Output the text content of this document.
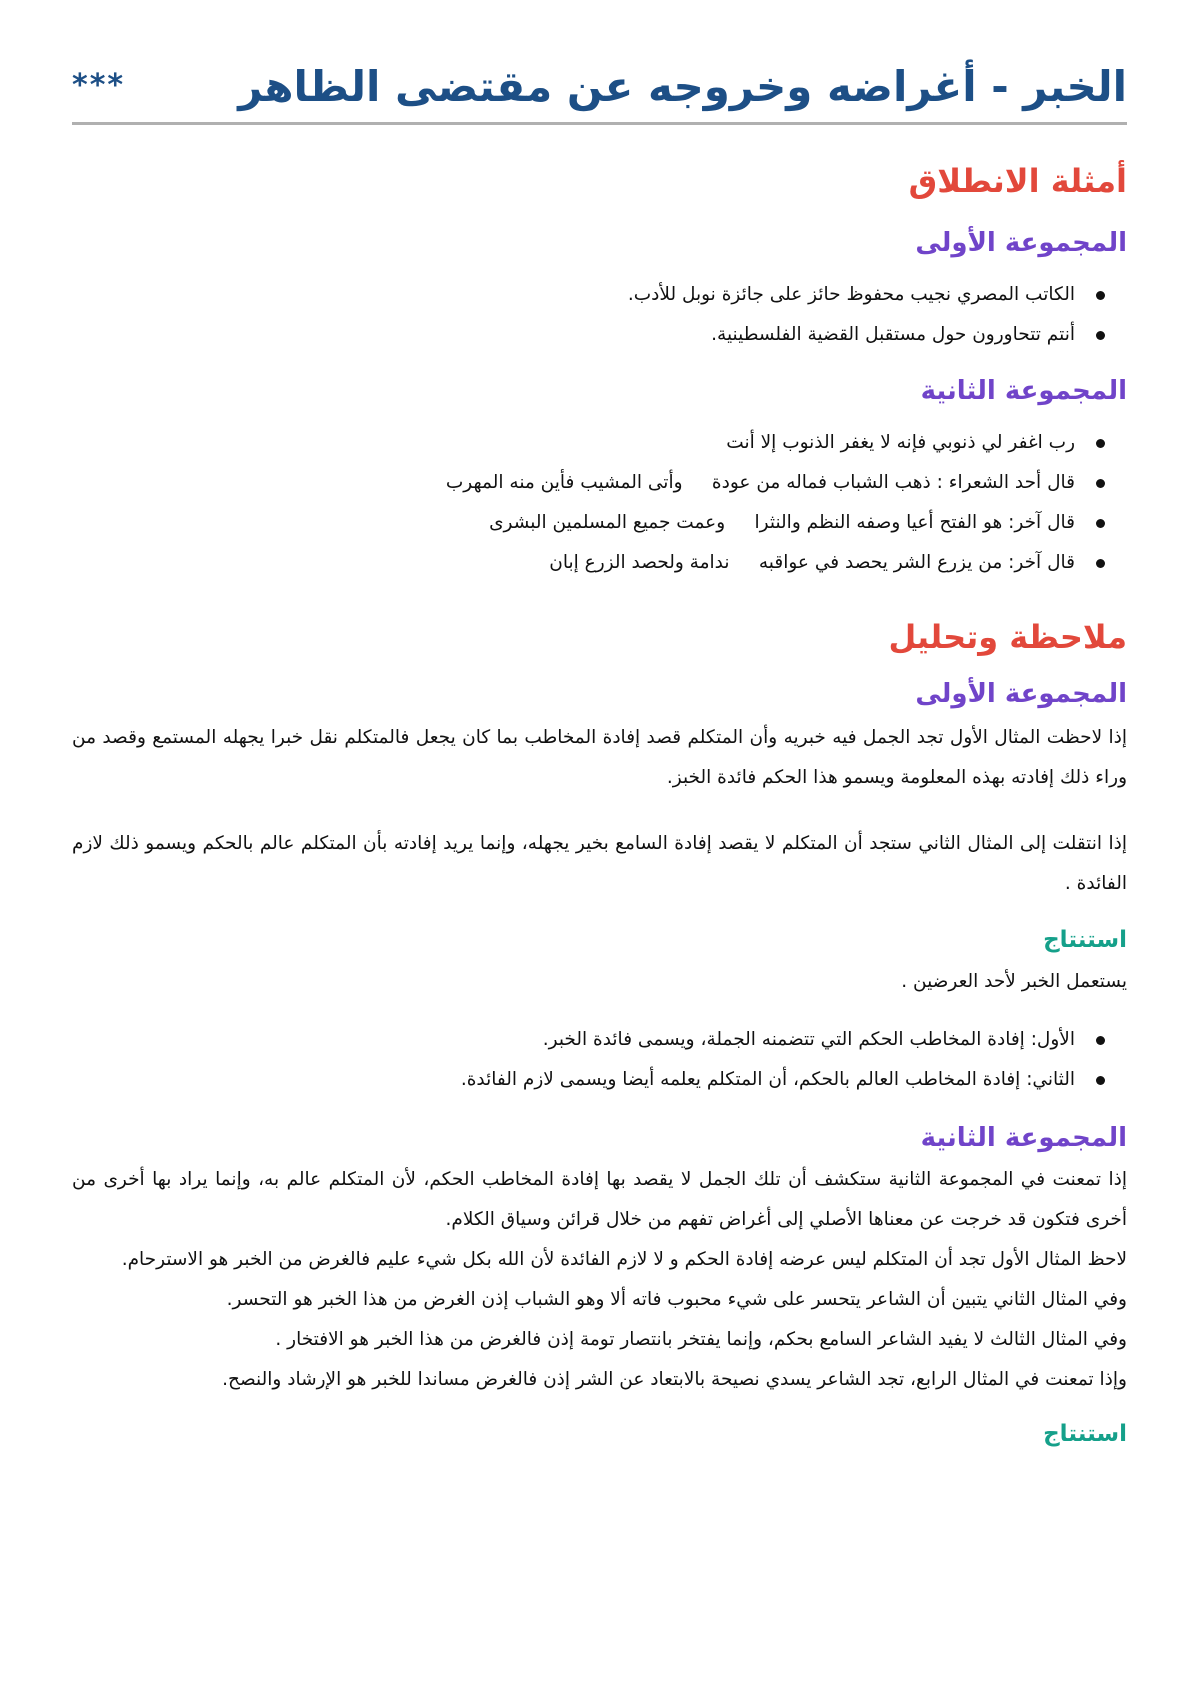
الخبر - أغراضه وخروجه عن مقتضى الظاهر
***
أمثلة الانطلاق
المجموعة الأولى
الكاتب المصري نجيب محفوظ حائز على جائزة نوبل للأدب.
أنتم تتحاورون حول مستقبل القضية الفلسطينية.
المجموعة الثانية
رب اغفر لي ذنوبي فإنه لا يغفر الذنوب إلا أنت
قال أحد الشعراء : ذهب الشباب فماله من عودة     وأتى المشيب فأين منه المهرب
قال آخر: هو الفتح أعيا وصفه النظم والنثرا     وعمت جميع المسلمين البشرى
قال آخر: من يزرع الشر يحصد في عواقبه     ندامة ولحصد الزرع إبان
ملاحظة وتحليل
المجموعة الأولى

إذا لاحظت المثال الأول تجد الجمل فيه خبريه وأن المتكلم قصد إفادة المخاطب بما كان يجعل فالمتكلم نقل خبرا يجهله المستمع وقصد من وراء ذلك إفادته بهذه المعلومة ويسمو هذا الحكم فائدة الخبز.

إذا انتقلت إلى المثال الثاني ستجد أن المتكلم لا يقصد إفادة السامع بخير يجهله، وإنما يريد إفادته بأن المتكلم عالم بالحكم ويسمو ذلك لازم الفائدة .

استنتاج

يستعمل الخبر لأحد العرضين .

الأول: إفادة المخاطب الحكم التي تتضمنه الجملة، ويسمى فائدة الخبر.
الثاني: إفادة المخاطب العالم بالحكم، أن المتكلم يعلمه أيضا ويسمى لازم الفائدة.
المجموعة الثانية

إذا تمعنت في المجموعة الثانية ستكشف أن تلك الجمل لا يقصد بها إفادة المخاطب الحكم، لأن المتكلم عالم به، وإنما يراد بها أخرى من أخرى فتكون قد خرجت عن معناها الأصلي إلى أغراض تفهم من خلال قرائن وسياق الكلام.

لاحظ المثال الأول تجد أن المتكلم ليس عرضه إفادة الحكم و لا لازم الفائدة لأن الله بكل شيء عليم فالغرض من الخبر هو الاسترحام.

وفي المثال الثاني يتبين أن الشاعر يتحسر على شيء محبوب فاته ألا وهو الشباب إذن الغرض من هذا الخبر هو التحسر.

وفي المثال الثالث لا يفيد الشاعر السامع بحكم، وإنما يفتخر بانتصار تومة إذن فالغرض من هذا الخبر هو الافتخار .

وإذا تمعنت في المثال الرابع، تجد الشاعر يسدي نصيحة بالابتعاد عن الشر إذن فالغرض مساندا للخبر هو الإرشاد والنصح.

استنتاج
